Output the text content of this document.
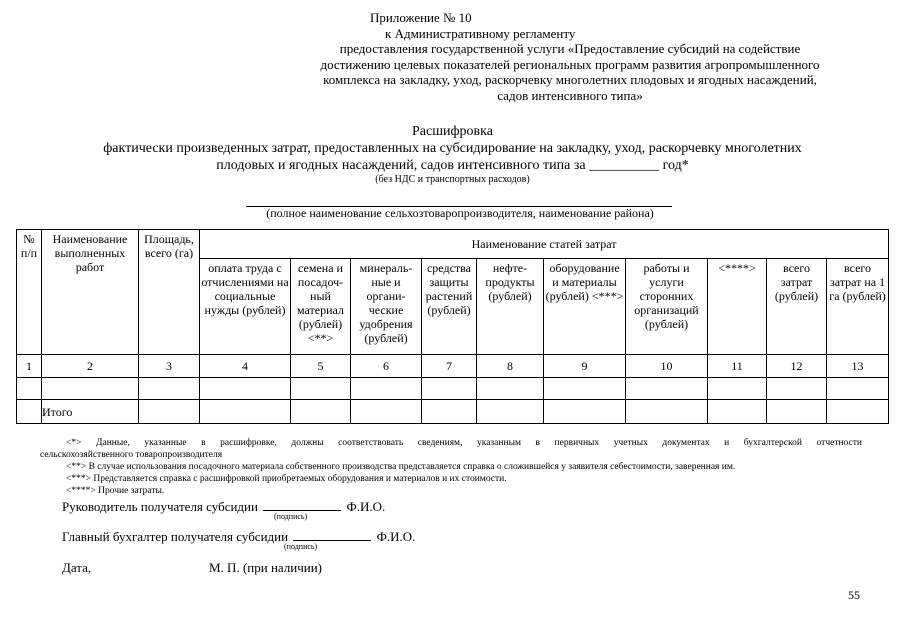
Приложение № 10
к Административному регламенту
предоставления государственной услуги «Предоставление субсидий на содействие
достижению целевых показателей региональных программ развития агропромышленного
комплекса на закладку, уход, раскорчевку многолетних плодовых и ягодных насаждений,
садов интенсивного типа»
Расшифровка
фактически произведенных затрат, предоставленных на субсидирование на закладку, уход, раскорчевку многолетних
плодовых и ягодных насаждений, садов интенсивного типа за __________ год*
(без НДС и транспортных расходов)
(полное наименование сельхозтоваропроизводителя, наименование района)
№ п/п	Наименование выполненных работ	Площадь, всего (га)	Наименование статей затрат									
			оплата труда с отчислениями на социальные нужды (рублей)	семена и посадоч-ный материал (рублей) <**>	минераль-ные и органи-ческие удобрения (рублей)	средства защиты растений (рублей)	нефте-продукты (рублей)	оборудование и материалы (рублей) <***>	работы и услуги сторонних организаций (рублей)	<****>	всего затрат (рублей)	всего затрат на 1 га (рублей)
1	2	3	4	5	6	7	8	9	10	11	12	13

	Итого											
<*> Данные, указанные в расшифровке, должны соответствовать сведениям, указанным в первичных учетных документах и бухгалтерской отчетности
сельскохозяйственного товаропроизводителя
<**> В случае использования посадочного материала собственного производства представляется справка о сложившейся у заявителя себестоимости, заверенная им.
<***> Представляется справка с расшифровкой приобретаемых оборудования и материалов и их стоимости.
<****> Прочие затраты.
Руководитель получателя субсидии	Ф.И.О.
(подпись)
Главный бухгалтер получателя субсидии	Ф.И.О.
(подпись)
Дата,	М. П. (при наличии)
55
